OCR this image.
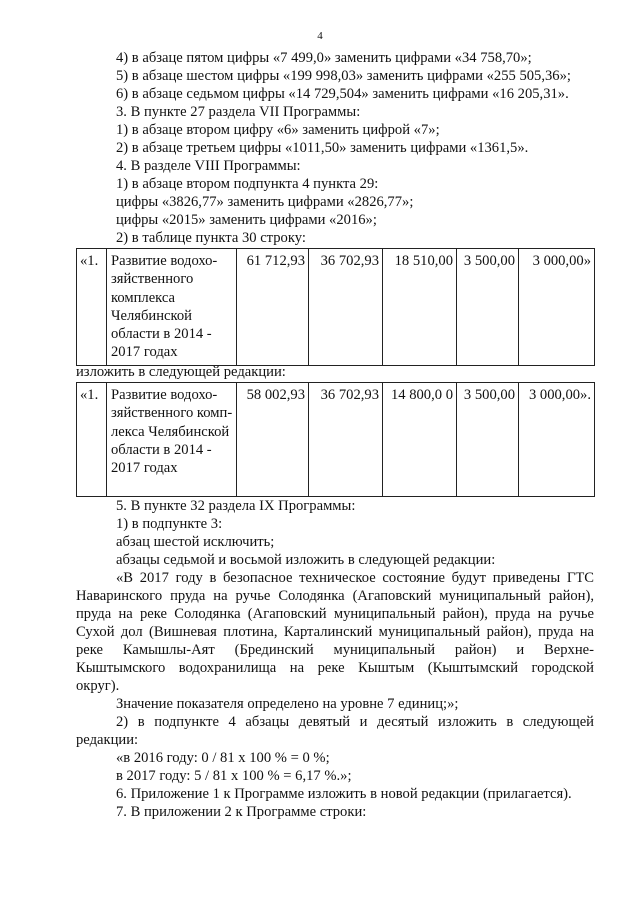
4
4) в абзаце пятом цифры «7 499,0» заменить цифрами «34 758,70»;
5) в абзаце шестом цифры «199 998,03» заменить цифрами «255 505,36»;
6) в абзаце седьмом цифры «14 729,504» заменить цифрами «16 205,31».
3. В пункте 27 раздела VII Программы:
1) в абзаце втором цифру «6» заменить цифрой «7»;
2) в абзаце третьем цифры «1011,50» заменить цифрами «1361,5».
4. В разделе VIII Программы:
1) в абзаце втором подпункта 4 пункта 29:
цифры «3826,77» заменить цифрами «2826,77»;
цифры «2015» заменить цифрами «2016»;
2) в таблице пункта 30 строку:
«1.	Развитие водохо-зяйственного комплекса Челябинской области в 2014 - 2017 годах	61 712,93	36 702,93	18 510,00	3 500,00	3 000,00»
изложить в следующей редакции:
«1.	Развитие водохо-зяйственного комп-лекса Челябинской области в 2014 - 2017 годах	58 002,93	36 702,93	14 800,0 0	3 500,00	3 000,00».
5. В пункте 32 раздела IX Программы:
1) в подпункте 3:
абзац шестой исключить;
абзацы седьмой и восьмой изложить в следующей редакции:
«В 2017 году в безопасное техническое состояние будут приведены ГТС
Наваринского пруда на ручье Солодянка (Агаповский муниципальный район),
пруда на реке Солодянка (Агаповский муниципальный район), пруда на ручье
Сухой дол (Вишневая плотина, Карталинский муниципальный район), пруда на
реке Камышлы-Аят (Брединский муниципальный район) и Верхне-
Кыштымского водохранилища на реке Кыштым (Кыштымский городской
округ).
Значение показателя определено на уровне 7 единиц;»;
2) в подпункте 4 абзацы девятый и десятый изложить в следующей
редакции:
«в 2016 году: 0 / 81 х 100 % = 0 %;
в 2017 году: 5 / 81 х 100 % = 6,17 %.»;
6. Приложение 1 к Программе изложить в новой редакции (прилагается).
7. В приложении 2 к Программе строки:
